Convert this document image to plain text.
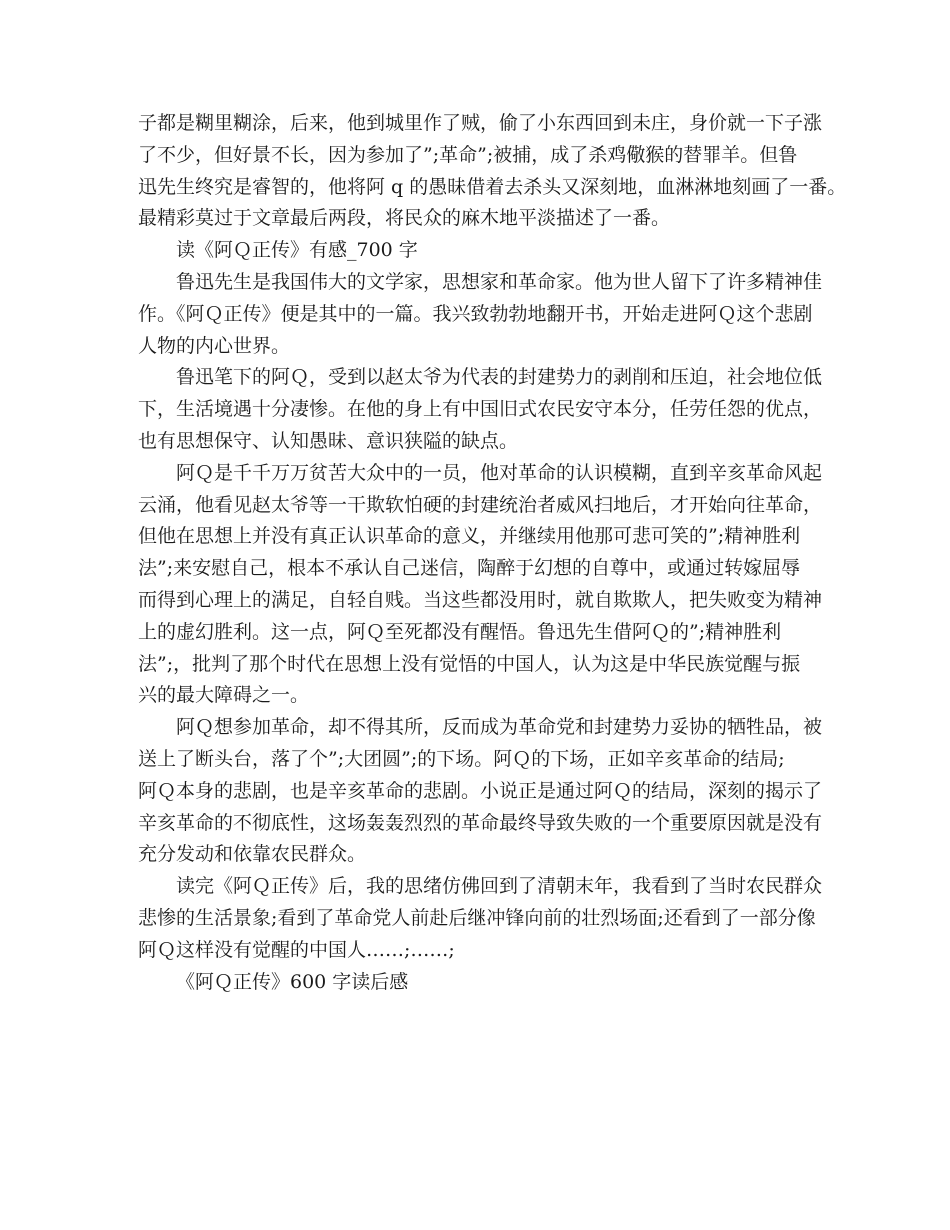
子都是糊里糊涂，后来，他到城里作了贼，偷了小东西回到未庄，身价就一下子涨
了不少，但好景不长，因为参加了”;革命”;被捕，成了杀鸡儆猴的替罪羊。但鲁
迅先生终究是睿智的，他将阿 q 的愚昧借着去杀头又深刻地，血淋淋地刻画了一番。
最精彩莫过于文章最后两段，将民众的麻木地平淡描述了一番。
读《阿Ｑ正传》有感_700 字
鲁迅先生是我国伟大的文学家，思想家和革命家。他为世人留下了许多精神佳
作。《阿Ｑ正传》便是其中的一篇。我兴致勃勃地翻开书，开始走进阿Ｑ这个悲剧
人物的内心世界。
鲁迅笔下的阿Ｑ，受到以赵太爷为代表的封建势力的剥削和压迫，社会地位低
下，生活境遇十分凄惨。在他的身上有中国旧式农民安守本分，任劳任怨的优点，
也有思想保守、认知愚昧、意识狭隘的缺点。
阿Ｑ是千千万万贫苦大众中的一员，他对革命的认识模糊，直到辛亥革命风起
云涌，他看见赵太爷等一干欺软怕硬的封建统治者威风扫地后，才开始向往革命，
但他在思想上并没有真正认识革命的意义，并继续用他那可悲可笑的”;精神胜利
法”;来安慰自己，根本不承认自己迷信，陶醉于幻想的自尊中，或通过转嫁屈辱
而得到心理上的满足，自轻自贱。当这些都没用时，就自欺欺人，把失败变为精神
上的虚幻胜利。这一点，阿Ｑ至死都没有醒悟。鲁迅先生借阿Ｑ的”;精神胜利
法”;，批判了那个时代在思想上没有觉悟的中国人，认为这是中华民族觉醒与振
兴的最大障碍之一。
阿Ｑ想参加革命，却不得其所，反而成为革命党和封建势力妥协的牺牲品，被
送上了断头台，落了个”;大团圆”;的下场。阿Ｑ的下场，正如辛亥革命的结局;
阿Ｑ本身的悲剧，也是辛亥革命的悲剧。小说正是通过阿Ｑ的结局，深刻的揭示了
辛亥革命的不彻底性，这场轰轰烈烈的革命最终导致失败的一个重要原因就是没有
充分发动和依靠农民群众。
读完《阿Ｑ正传》后，我的思绪仿佛回到了清朝末年，我看到了当时农民群众
悲惨的生活景象;看到了革命党人前赴后继冲锋向前的壮烈场面;还看到了一部分像
阿Ｑ这样没有觉醒的中国人……;……;
《阿Ｑ正传》600 字读后感
